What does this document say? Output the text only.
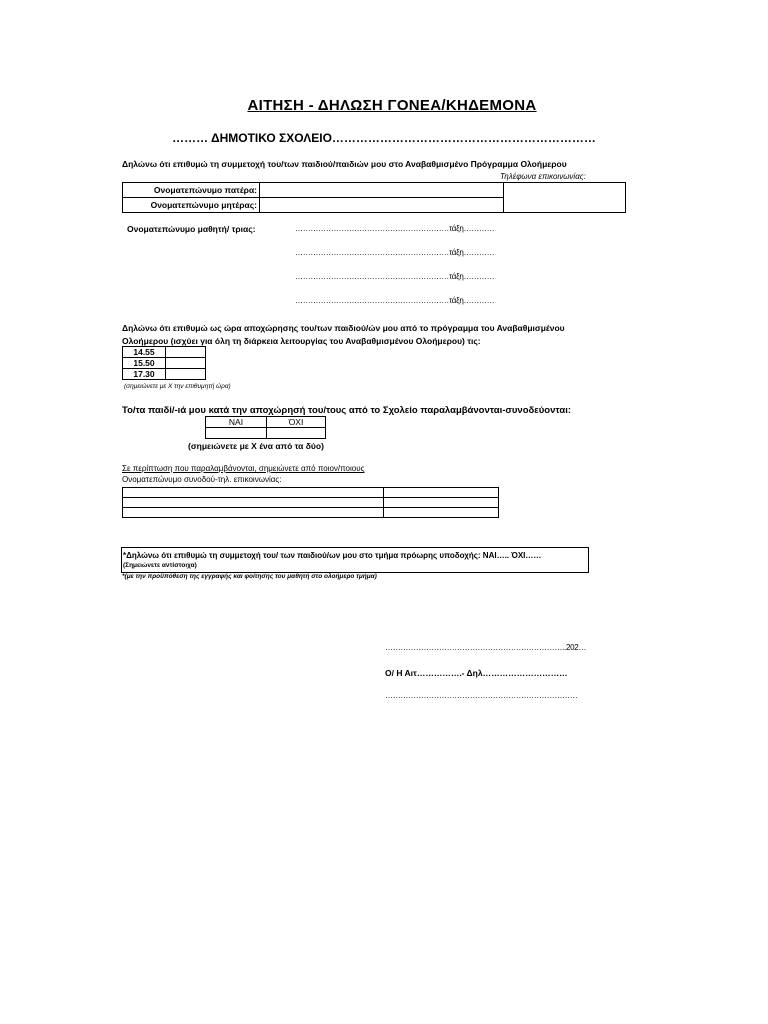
ΑΙΤΗΣΗ - ΔΗΛΩΣΗ ΓΟΝΕΑ/ΚΗΔΕΜΟΝΑ
……… ΔΗΜΟΤΙΚΟ ΣΧΟΛΕΙΟ…………………………………………………………
Δηλώνω ότι επιθυμώ τη συμμετοχή του/των παιδιού/παιδιών μου στο Αναβαθμισμένο Πρόγραμμα Ολοήμερου
Τηλέφωνα επικοινωνίας:
Ονοματεπώνυμο πατέρα:		
Ονοματεπώνυμο μητέρας:		
Ονοματεπώνυμο μαθητή/ τριας:	……………………………………………………τάξη…………
……………………………………………………τάξη…………
……………………………………………………τάξη…………
……………………………………………………τάξη…………
Δηλώνω ότι επιθυμώ ως ώρα αποχώρησης του/των παιδιού/ών μου από το πρόγραμμα του Αναβαθμισμένου
Ολοήμερου (ισχύει για όλη τη διάρκεια λειτουργίας του Αναβαθμισμένου Ολοήμερου) τις:
14.55	
15.50	
17.30	
(σημειώνετε με Χ την επιθυμητή ώρα)
Το/τα παιδί/-ιά μου κατά την αποχώρησή του/τους από το Σχολείο παραλαμβάνονται-συνοδεύονται:
ΝΑΙ	ΌΧΙ

(σημειώνετε με Χ ένα από τα δύο)
Σε περίπτωση που παραλαμβάνονται, σημειώνετε από ποιον/ποιους
Ονοματεπώνυμο συνοδού-τηλ. επικοινωνίας:

*Δηλώνω ότι επιθυμώ τη συμμετοχή του/ των παιδιού/ων μου στο τμήμα πρόωρης υποδοχής: ΝΑΙ….. ΌΧΙ……
(Σημειώνετε αντίστοιχα)
*(με την προϋπόθεση της εγγραφής και φοίτησης του μαθητή στο ολοήμερο τμήμα)
……………………………………………………………..202…
Ο/ Η Αιτ…………….- Δηλ…………………………
…………………………………………………………………
